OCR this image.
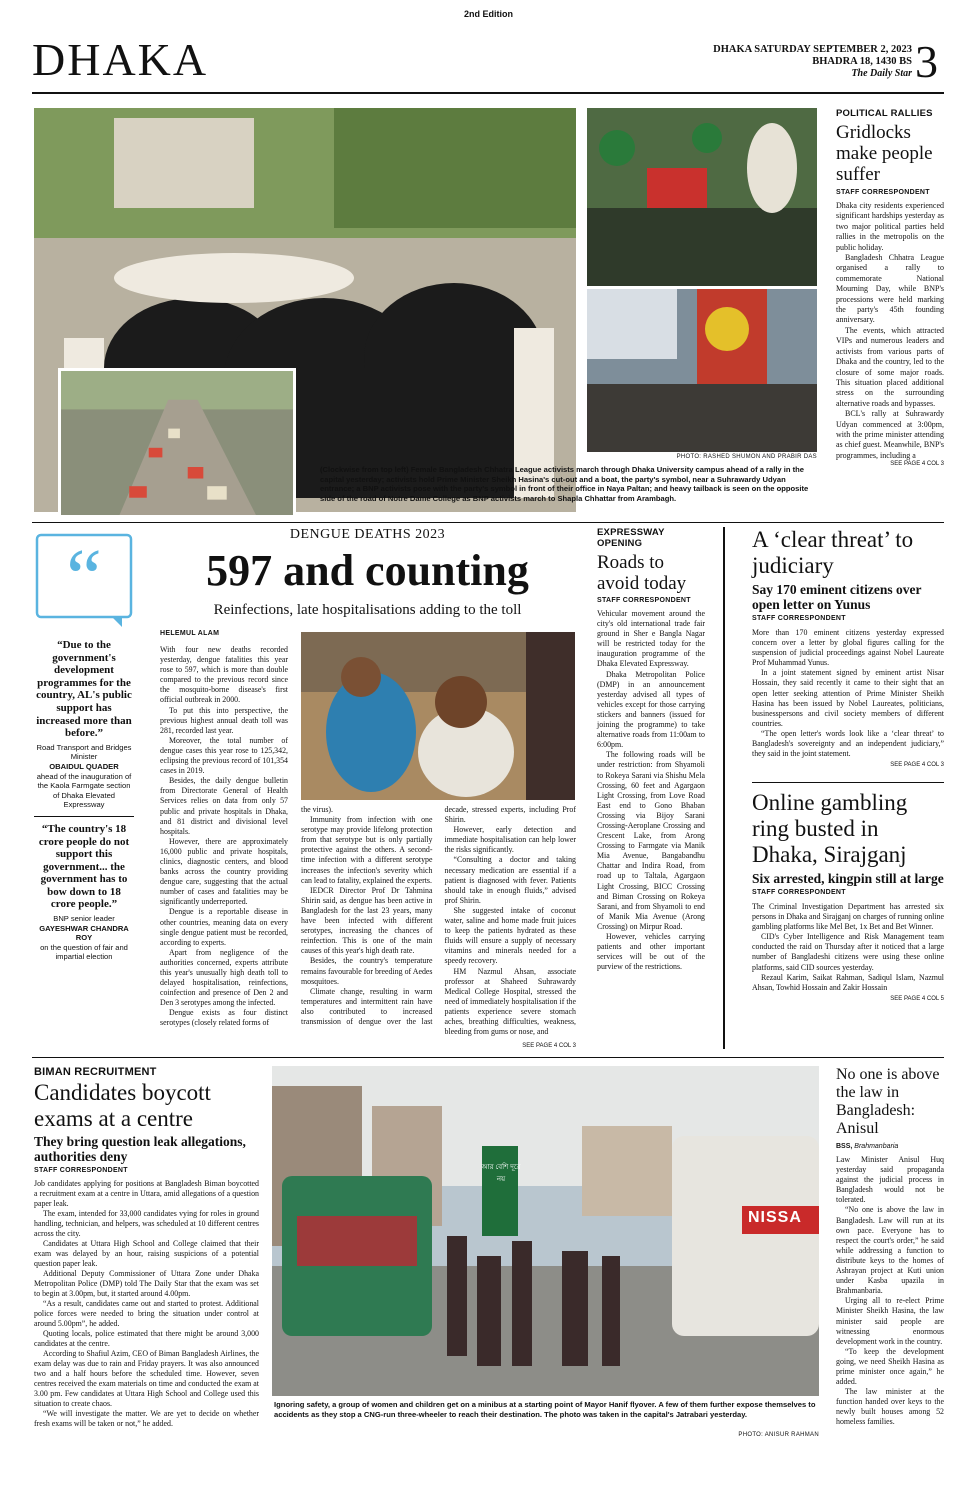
2nd Edition
DHAKA	DHAKA SATURDAY SEPTEMBER 2, 2023
BHADRA 18, 1430 BS
The Daily Star 3
PHOTO: RASHED SHUMON AND PRABIR DAS
(Clockwise from top left) Female Bangladesh Chhatra League activists march through Dhaka University campus ahead of a rally in the capital yesterday; activists hold Prime Minister Sheikh Hasina's cut-out and a boat, the party's symbol, near a Suhrawardy Udyan entrance; a BNP activists pose with the party's symbol in front of their office in Naya Paltan; and heavy tailback is seen on the opposite side of the road of Notre Dame College as BNP activists march to Shapla Chhattar from Arambagh.
POLITICAL RALLIES
Gridlocks make people suffer
STAFF CORRESPONDENT

Dhaka city residents experienced significant hardships yesterday as two major political parties held rallies in the metropolis on the public holiday.

Bangladesh Chhatra League organised a rally to commemorate National Mourning Day, while BNP's processions were held marking the party's 45th founding anniversary.

The events, which attracted VIPs and numerous leaders and activists from various parts of Dhaka and the country, led to the closure of some major roads. This situation placed additional stress on the surrounding alternative roads and bypasses.

BCL's rally at Suhrawardy Udyan commenced at 3:00pm, with the prime minister attending as chief guest. Meanwhile, BNP's programmes, including a

SEE PAGE 4 COL 3
“
“Due to the government's development programmes for the country, AL's public support has increased more than before.”
Road Transport and Bridges Minister
OBAIDUL QUADER
ahead of the inauguration of the Kaola Farmgate section of Dhaka Elevated Expressway
“The country's 18 crore people do not support this government... the government has to bow down to 18 crore people.”
BNP senior leader
GAYESHWAR CHANDRA ROY
on the question of fair and impartial election
DENGUE DEATHS 2023
597 and counting
Reinfections, late hospitalisations adding to the toll
HELEMUL ALAM

With four new deaths recorded yesterday, dengue fatalities this year rose to 597, which is more than double compared to the previous record since the mosquito-borne disease's first official outbreak in 2000.

To put this into perspective, the previous highest annual death toll was 281, recorded last year.

Moreover, the total number of dengue cases this year rose to 125,342, eclipsing the previous record of 101,354 cases in 2019.

Besides, the daily dengue bulletin from Directorate General of Health Services relies on data from only 57 public and private hospitals in Dhaka, and 81 district and divisional level hospitals.

However, there are approximately 16,000 public and private hospitals, clinics, diagnostic centers, and blood banks across the country providing dengue care, suggesting that the actual number of cases and fatalities may be significantly underreported.

Dengue is a reportable disease in other countries, meaning data on every single dengue patient must be recorded, according to experts.

Apart from negligence of the authorities concerned, experts attribute this year's unusually high death toll to delayed hospitalisation, reinfections, coinfection and presence of Den 2 and Den 3 serotypes among the infected.

Dengue exists as four distinct serotypes (closely related forms of

the virus).

Immunity from infection with one serotype may provide lifelong protection from that serotype but is only partially protective against the others. A second-time infection with a different serotype increases the infection's severity which can lead to fatality, explained the experts.

IEDCR Director Prof Dr Tahmina Shirin said, as dengue has been active in Bangladesh for the last 23 years, many have been infected with different serotypes, increasing the chances of reinfection. This is one of the main causes of this year's high death rate.

Besides, the country's temperature remains favourable for breeding of Aedes mosquitoes.

Climate change, resulting in warm temperatures and intermittent rain have also contributed to increased transmission of dengue over the last decade, stressed experts, including Prof Shirin.

However, early detection and immediate hospitalisation can help lower the risks significantly.

“Consulting a doctor and taking necessary medication are essential if a patient is diagnosed with fever. Patients should take in enough fluids,” advised prof Shirin.

She suggested intake of coconut water, saline and home made fruit juices to keep the patients hydrated as these fluids will ensure a supply of necessary vitamins and minerals needed for a speedy recovery.

HM Nazmul Ahsan, associate professor at Shaheed Suhrawardy Medical College Hospital, stressed the need of immediately hospitalisation if the patients experience severe stomach aches, breathing difficulties, weakness, bleeding from gums or nose, and

SEE PAGE 4 COL 3
EXPRESSWAY OPENING
Roads to avoid today
STAFF CORRESPONDENT

Vehicular movement around the city's old international trade fair ground in Sher e Bangla Nagar will be restricted today for the inauguration programme of the Dhaka Elevated Expressway.

Dhaka Metropolitan Police (DMP) in an announcement yesterday advised all types of vehicles except for those carrying stickers and banners (issued for joining the programme) to take alternative roads from 11:00am to 6:00pm.

The following roads will be under restriction: from Shyamoli to Rokeya Sarani via Shishu Mela Crossing, 60 feet and Agargaon Light Crossing, from Love Road East end to Gono Bhaban Crossing via Bijoy Sarani Crossing-Aeroplane Crossing and Crescent Lake, from Arong Crossing to Farmgate via Manik Mia Avenue, Bangabandhu Chattar and Indira Road, from road up to Taltala, Agargaon Light Crossing, BICC Crossing and Biman Crossing on Rokeya Sarani, and from Shyamoli to end of Manik Mia Avenue (Arong Crossing) on Mirpur Road.

However, vehicles carrying patients and other important services will be out of the purview of the restrictions.

A ‘clear threat’ to judiciary
Say 170 eminent citizens over open letter on Yunus
STAFF CORRESPONDENT

More than 170 eminent citizens yesterday expressed concern over a letter by global figures calling for the suspension of judicial proceedings against Nobel Laureate Prof Muhammad Yunus.

In a joint statement signed by eminent artist Nisar Hossain, they said recently it came to their sight that an open letter seeking attention of Prime Minister Sheikh Hasina has been issued by Nobel Laureates, politicians, businesspersons and civil society members of different countries.

“The open letter's words look like a ‘clear threat’ to Bangladesh's sovereignty and an independent judiciary,” they said in the joint statement.

SEE PAGE 4 COL 3
Online gambling ring busted in Dhaka, Sirajganj
Six arrested, kingpin still at large
STAFF CORRESPONDENT

The Criminal Investigation Department has arrested six persons in Dhaka and Sirajganj on charges of running online gambling platforms like Mel Bet, 1x Bet and Bet Winner.

CID's Cyber Intelligence and Risk Management team conducted the raid on Thursday after it noticed that a large number of Bangladeshi citizens were using these online platforms, said CID sources yesterday.

Rezaul Karim, Saikat Rahman, Sadiqul Islam, Nazmul Ahsan, Towhid Hossain and Zakir Hossain

SEE PAGE 4 COL 5
BIMAN RECRUITMENT
Candidates boycott exams at a centre
They bring question leak allegations, authorities deny
STAFF CORRESPONDENT

Job candidates applying for positions at Bangladesh Biman boycotted a recruitment exam at a centre in Uttara, amid allegations of a question paper leak.

The exam, intended for 33,000 candidates vying for roles in ground handling, technician, and helpers, was scheduled at 10 different centres across the city.

Candidates at Uttara High School and College claimed that their exam was delayed by an hour, raising suspicions of a potential question paper leak.

Additional Deputy Commissioner of Uttara Zone under Dhaka Metropolitan Police (DMP) told The Daily Star that the exam was set to begin at 3.00pm, but, it started around 4.00pm.

“As a result, candidates came out and started to protest. Additional police forces were needed to bring the situation under control at around 5.00pm”, he added.

Quoting locals, police estimated that there might be around 3,000 candidates at the centre.

According to Shafiul Azim, CEO of Biman Bangladesh Airlines, the exam delay was due to rain and Friday prayers. It was also announced two and a half hours before the scheduled time. However, seven centres received the exam materials on time and conducted the exam at 3.00 pm. Few candidates at Uttara High School and College used this situation to create chaos.

“We will investigate the matter. We are yet to decide on whether fresh exams will be taken or not,” he added.

আর বেশি দূরে নয়
NISSA
Ignoring safety, a group of women and children get on a minibus at a starting point of Mayor Hanif flyover. A few of them further expose themselves to accidents as they stop a CNG-run three-wheeler to reach their destination. The photo was taken in the capital's Jatrabari yesterday.
PHOTO: ANISUR RAHMAN
No one is above the law in Bangladesh: Anisul
BSS, Brahmanbaria

Law Minister Anisul Huq yesterday said propaganda against the judicial process in Bangladesh would not be tolerated.

“No one is above the law in Bangladesh. Law will run at its own pace. Everyone has to respect the court's order,” he said while addressing a function to distribute keys to the homes of Ashrayan project at Kuti union under Kasba upazila in Brahmanbaria.

Urging all to re-elect Prime Minister Sheikh Hasina, the law minister said people are witnessing enormous development work in the country.

“To keep the development going, we need Sheikh Hasina as prime minister once again,” he added.

The law minister at the function handed over keys to the newly built houses among 52 homeless families.
